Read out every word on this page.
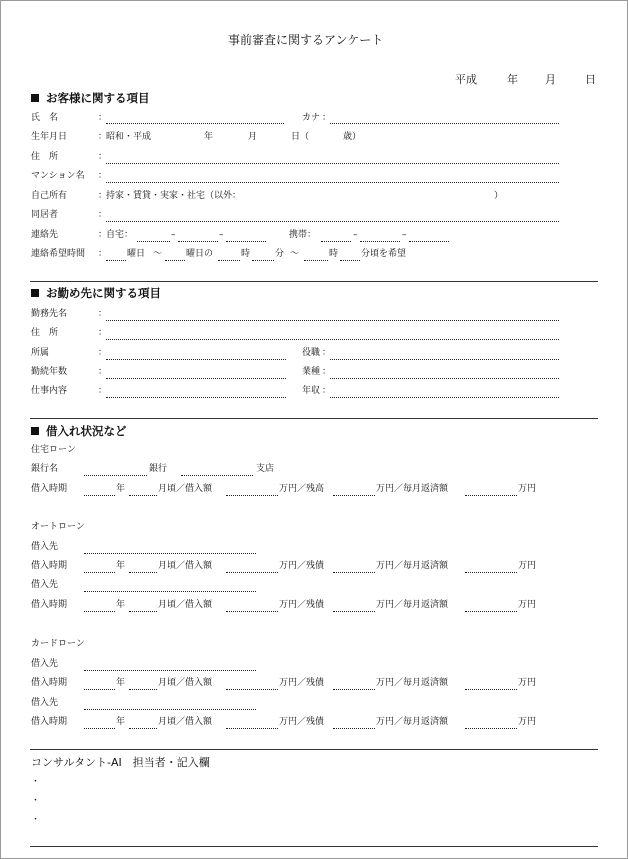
事前審査に関するアンケート
平成	年 月	日
お客様に関する項目
氏　名	：	カナ ：
生年月日	：
昭和・平成	年	月	日（	歳）
住　所	：
マンション名 ：
自己所有	：
持家・賃貸・実家・社宅（以外：	）
同居者	：
連絡先	：
自宅：	–	–	携帯：	–	–
連絡希望時間 ： 曜日 ～	曜日の	時	分 ～	時	分頃を希望
お勤め先に関する項目
勤務先名	：
住　所	：
所属	：	役職 ：
勤続年数	：	業種 ：
仕事内容	：	年収 ：
借入れ状況など
住宅ローン
銀行名	銀行	支店
借入時期	年	月頃／借入額	万円／残高	万円／毎月返済額	万円
オートローン
借入先
借入時期	年	月頃／借入額	万円／残債	万円／毎月返済額	万円
借入先
借入時期	年	月頃／借入額	万円／残債	万円／毎月返済額	万円
カードローン
借入先
借入時期	年	月頃／借入額	万円／残債	万円／毎月返済額	万円
借入先
借入時期	年	月頃／借入額	万円／残債	万円／毎月返済額	万円
コンサルタント-AI　担当者・記入欄
・
・
・
